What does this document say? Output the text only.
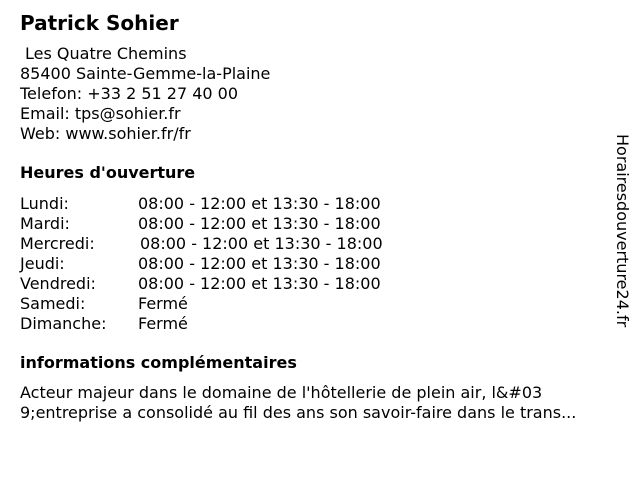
Patrick Sohier
Les Quatre Chemins
85400 Sainte-Gemme-la-Plaine
Telefon: +33 2 51 27 40 00
Email: tps@sohier.fr
Web: www.sohier.fr/fr
Heures d'ouverture
Lundi:	08:00 - 12:00 et 13:30 - 18:00
Mardi:	08:00 - 12:00 et 13:30 - 18:00
Mercredi:	08:00 - 12:00 et 13:30 - 18:00
Jeudi:	08:00 - 12:00 et 13:30 - 18:00
Vendredi:	08:00 - 12:00 et 13:30 - 18:00
Samedi:	Fermé
Dimanche: Fermé
informations complémentaires
Acteur majeur dans le domaine de l'hôtellerie de plein air, l&#03
9;entreprise a consolidé au fil des ans son savoir-faire dans le trans...
Horairesdouverture24.fr
